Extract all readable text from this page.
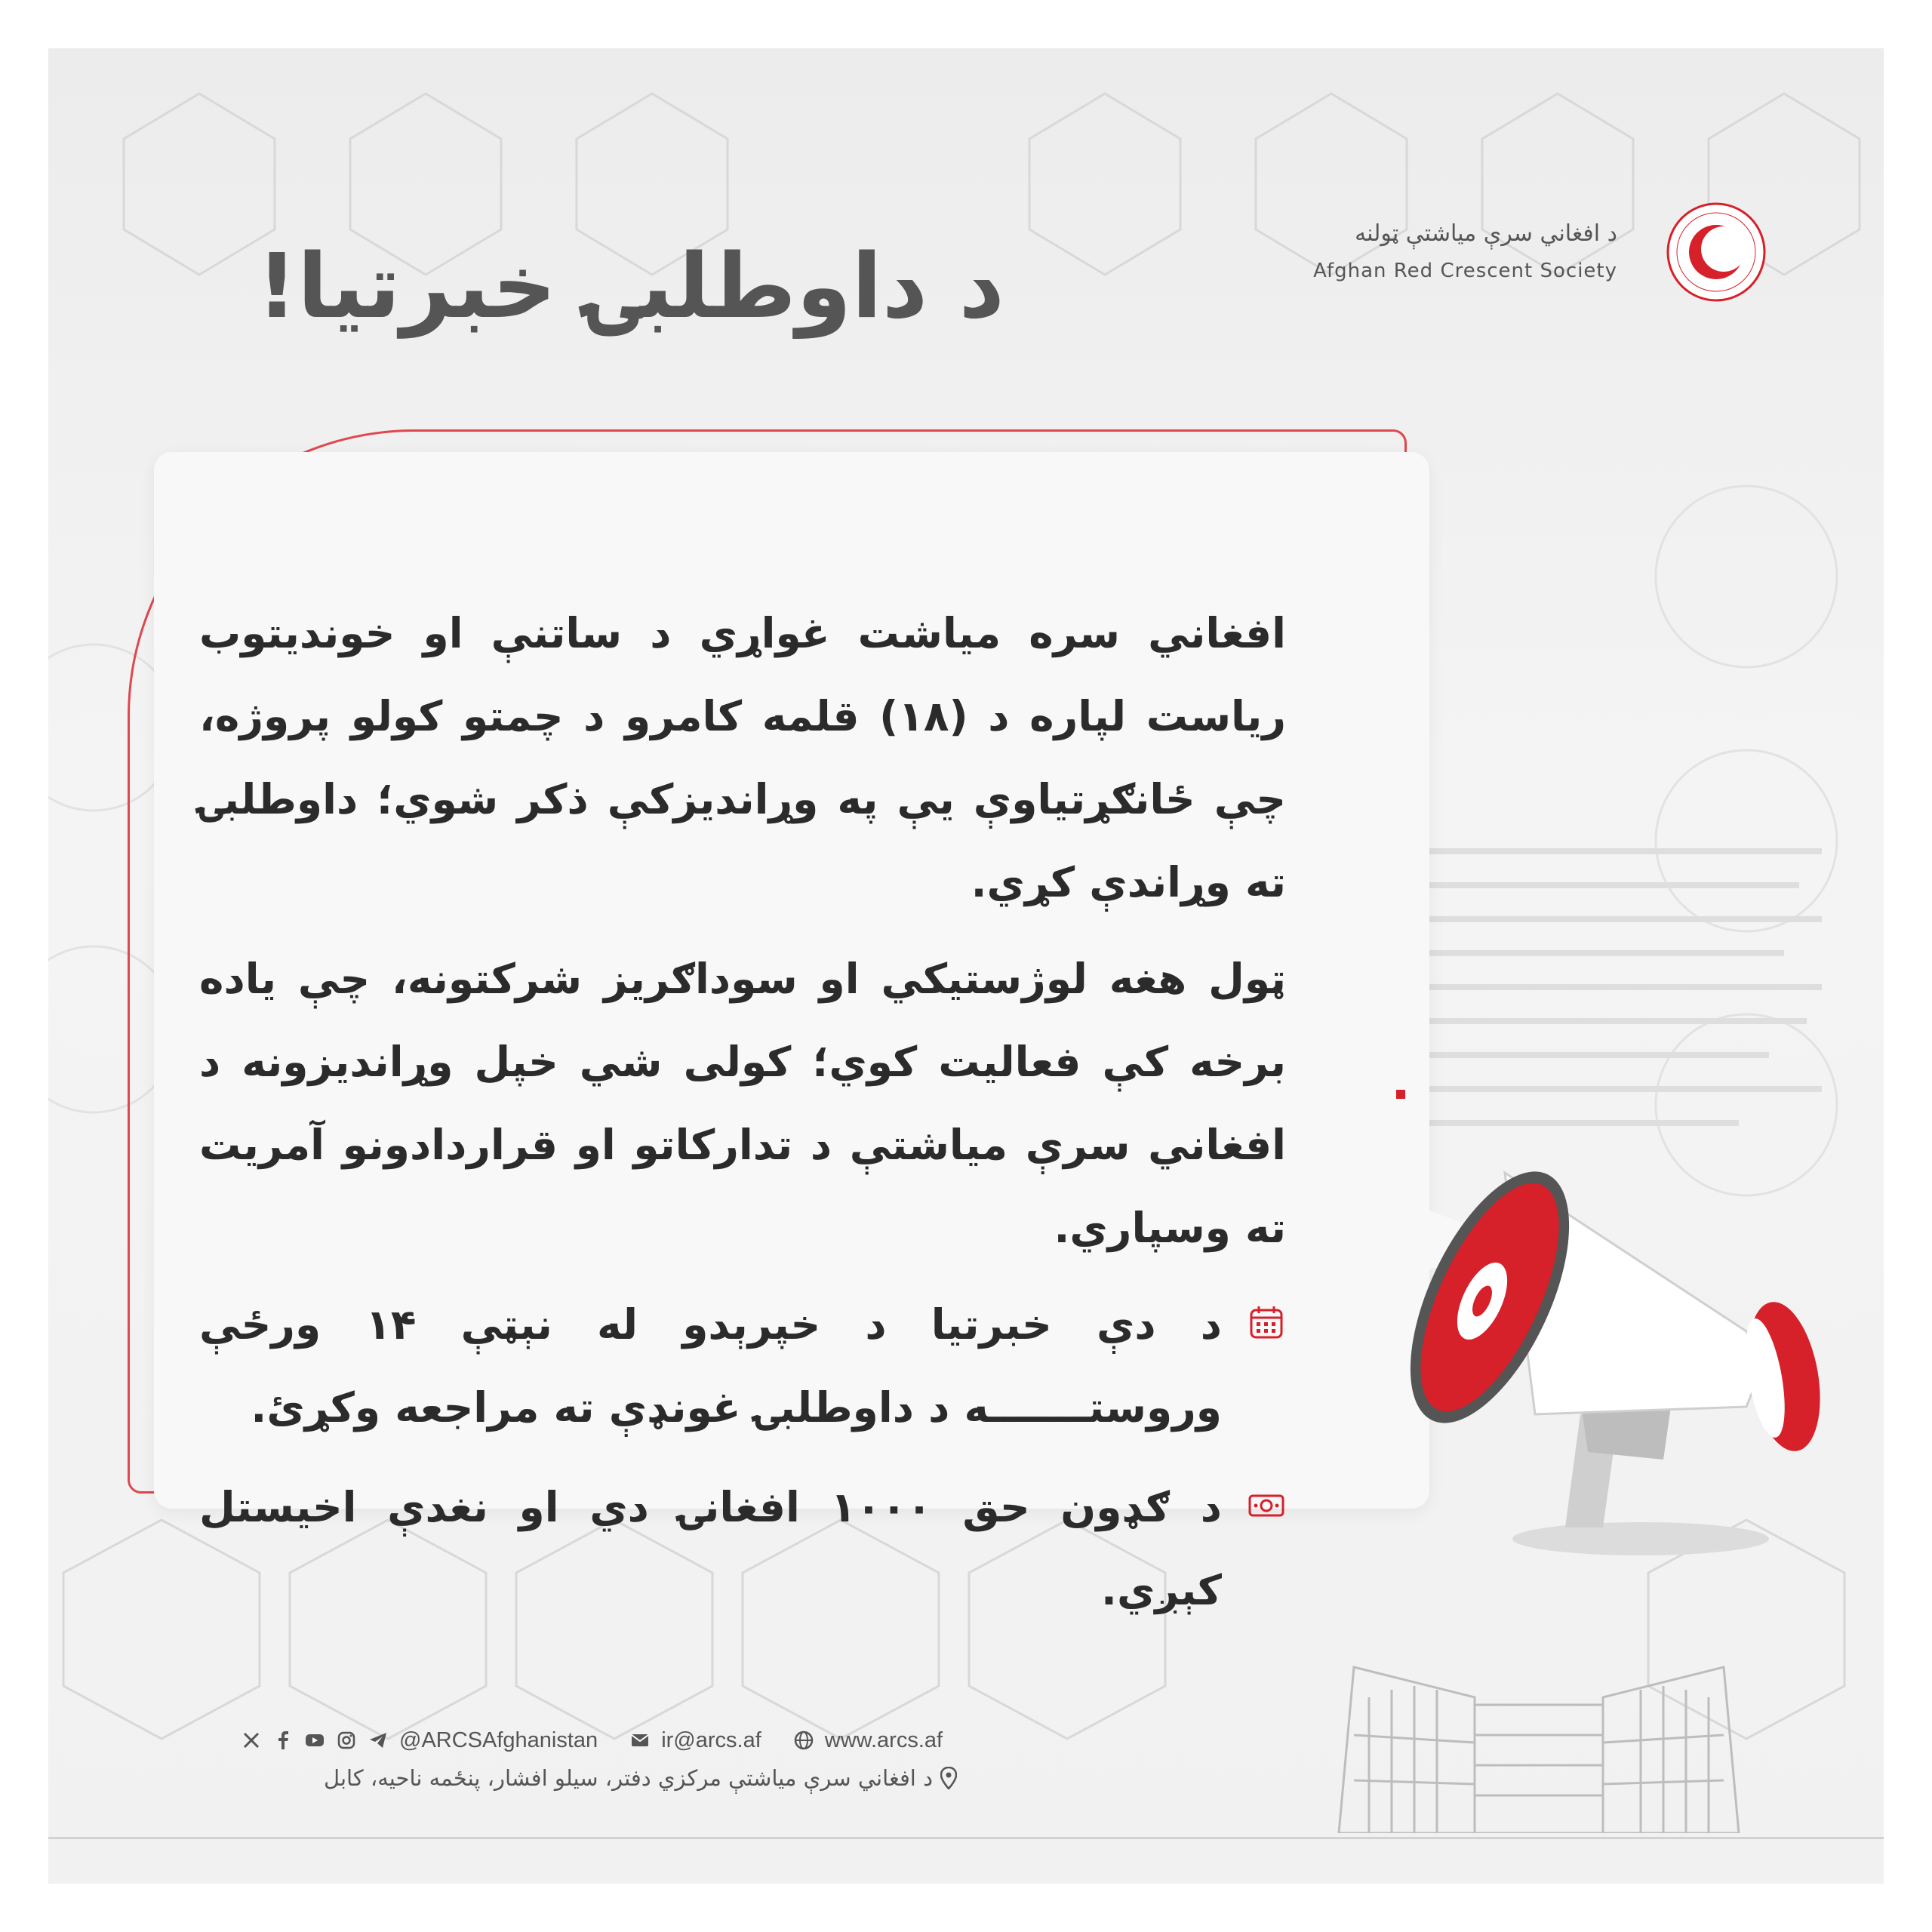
د داوطلبۍ خبرتیا!
د افغاني سرې میاشتې ټولنه
Afghan Red Crescent Society

افغاني سره میاشت غواړي د ساتنې او خونديتوب رياست لپاره د (۱۸) قلمه کامرو د چمتو کولو پروژه، چې ځانګړتیاوې یې په وړاندیزکې ذکر شوي؛ داوطلبۍ ته وړاندې کړي.

ټول هغه لوژستیکي او سوداګریز شرکتونه، چې یاده برخه کې فعالیت کوي؛ کولی شي خپل وړاندیزونه د افغاني سرې میاشتې د تدارکاتو او قراردادونو آمریت ته وسپاري.

د دې خبرتیا د خپرېدو له نېټې ۱۴ ورځې وروستـــــــه د داوطلبۍ غونډې ته مراجعه وکړئ.
د ګډون حق ۱۰۰۰ افغانۍ دي او نغدې اخیستل کېږي.
@ARCSAfghanistan	ir@arcs.af	www.arcs.af
د افغاني سرې میاشتې مرکزي دفتر، سیلو افشار، پنځمه ناحیه، کابل
